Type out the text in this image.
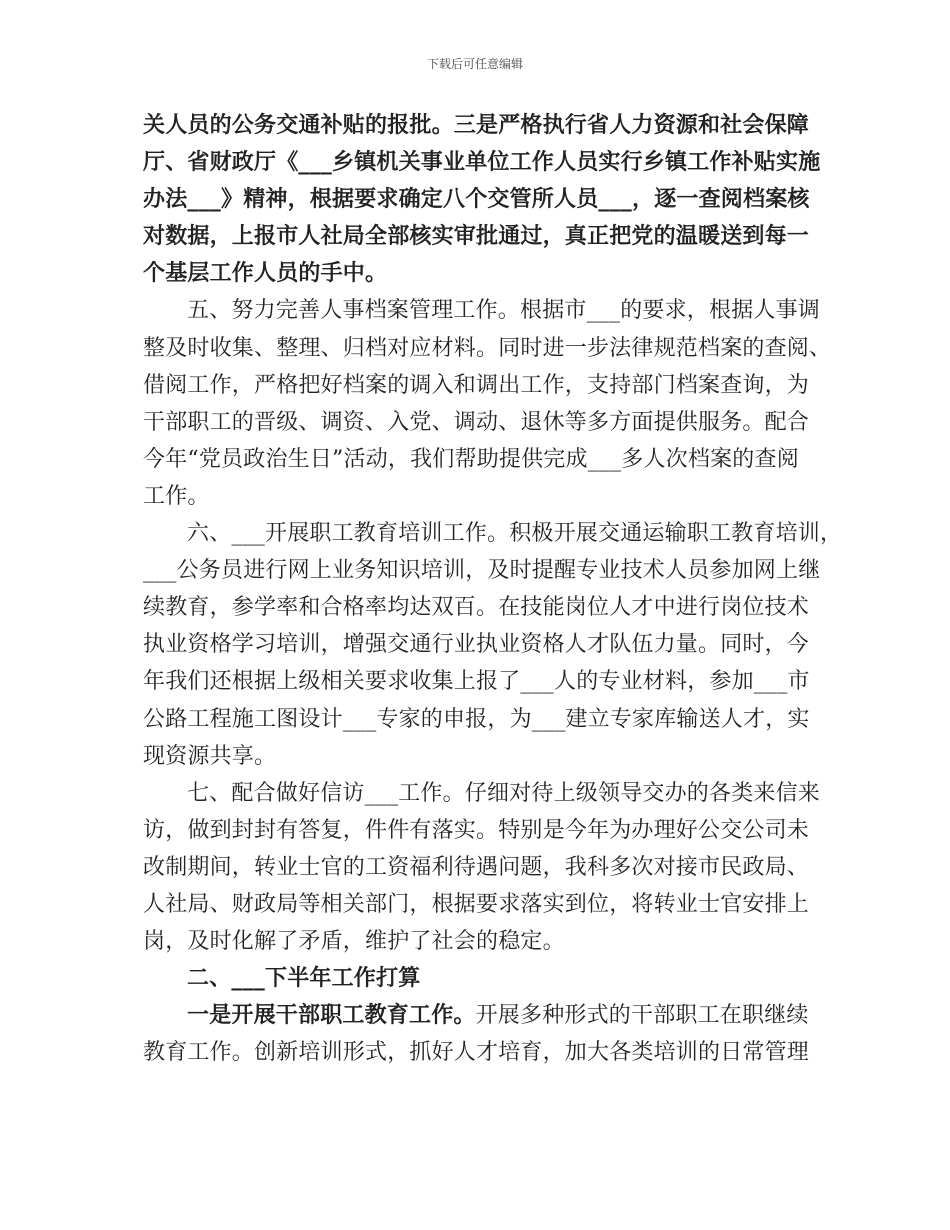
下载后可任意编辑
关人员的公务交通补贴的报批。三是严格执行省人力资源和社会保障
厅、省财政厅《___乡镇机关事业单位工作人员实行乡镇工作补贴实施
办法___》精神，根据要求确定八个交管所人员___，逐一查阅档案核
对数据，上报市人社局全部核实审批通过，真正把党的温暖送到每一
个基层工作人员的手中。
五、努力完善人事档案管理工作。根据市___的要求，根据人事调
整及时收集、整理、归档对应材料。同时进一步法律规范档案的查阅、
借阅工作，严格把好档案的调入和调出工作，支持部门档案查询，为
干部职工的晋级、调资、入党、调动、退休等多方面提供服务。配合
今年“党员政治生日”活动，我们帮助提供完成___多人次档案的查阅
工作。
六、___开展职工教育培训工作。积极开展交通运输职工教育培训，
___公务员进行网上业务知识培训，及时提醒专业技术人员参加网上继
续教育，参学率和合格率均达双百。在技能岗位人才中进行岗位技术
执业资格学习培训，增强交通行业执业资格人才队伍力量。同时，今
年我们还根据上级相关要求收集上报了___人的专业材料，参加___市
公路工程施工图设计___专家的申报，为___建立专家库输送人才，实
现资源共享。
七、配合做好信访___工作。仔细对待上级领导交办的各类来信来
访，做到封封有答复，件件有落实。特别是今年为办理好公交公司未
改制期间，转业士官的工资福利待遇问题，我科多次对接市民政局、
人社局、财政局等相关部门，根据要求落实到位，将转业士官安排上
岗，及时化解了矛盾，维护了社会的稳定。
二、___下半年工作打算
一是开展干部职工教育工作。开展多种形式的干部职工在职继续
教育工作。创新培训形式，抓好人才培育，加大各类培训的日常管理
